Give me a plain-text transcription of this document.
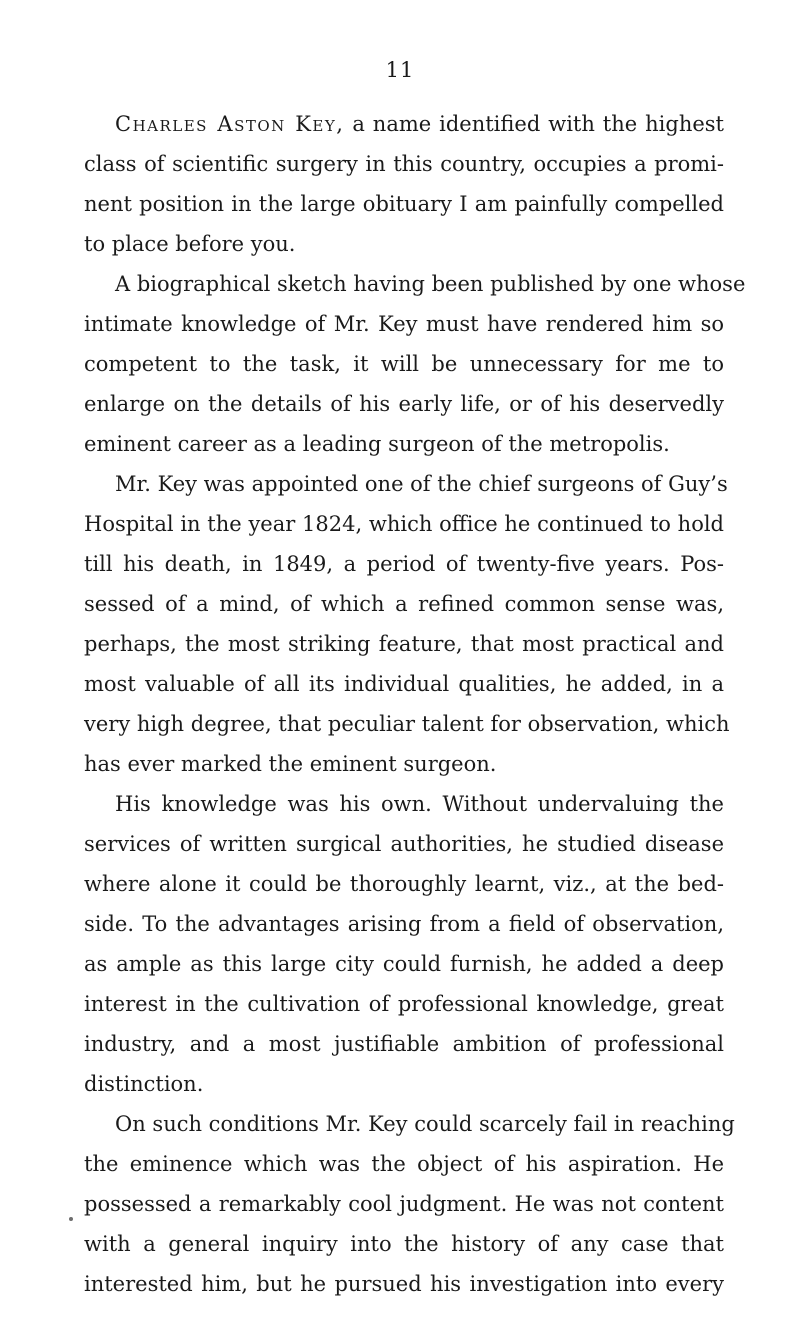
11
Charles Aston Key, a name identified with the highest
class of scientific surgery in this country, occupies a promi-
nent position in the large obituary I am painfully compelled
to place before you.
A biographical sketch having been published by one whose
intimate knowledge of Mr. Key must have rendered him so
competent to the task, it will be unnecessary for me to
enlarge on the details of his early life, or of his deservedly
eminent career as a leading surgeon of the metropolis.
Mr. Key was appointed one of the chief surgeons of Guy’s
Hospital in the year 1824, which office he continued to hold
till his death, in 1849, a period of twenty-five years. Pos-
sessed of a mind, of which a refined common sense was,
perhaps, the most striking feature, that most practical and
most valuable of all its individual qualities, he added, in a
very high degree, that peculiar talent for observation, which
has ever marked the eminent surgeon.
His knowledge was his own. Without undervaluing the
services of written surgical authorities, he studied disease
where alone it could be thoroughly learnt, viz., at the bed-
side. To the advantages arising from a field of observation,
as ample as this large city could furnish, he added a deep
interest in the cultivation of professional knowledge, great
industry, and a most justifiable ambition of professional
distinction.
On such conditions Mr. Key could scarcely fail in reaching
the eminence which was the object of his aspiration. He
possessed a remarkably cool judgment. He was not content
with a general inquiry into the history of any case that
interested him, but he pursued his investigation into every
